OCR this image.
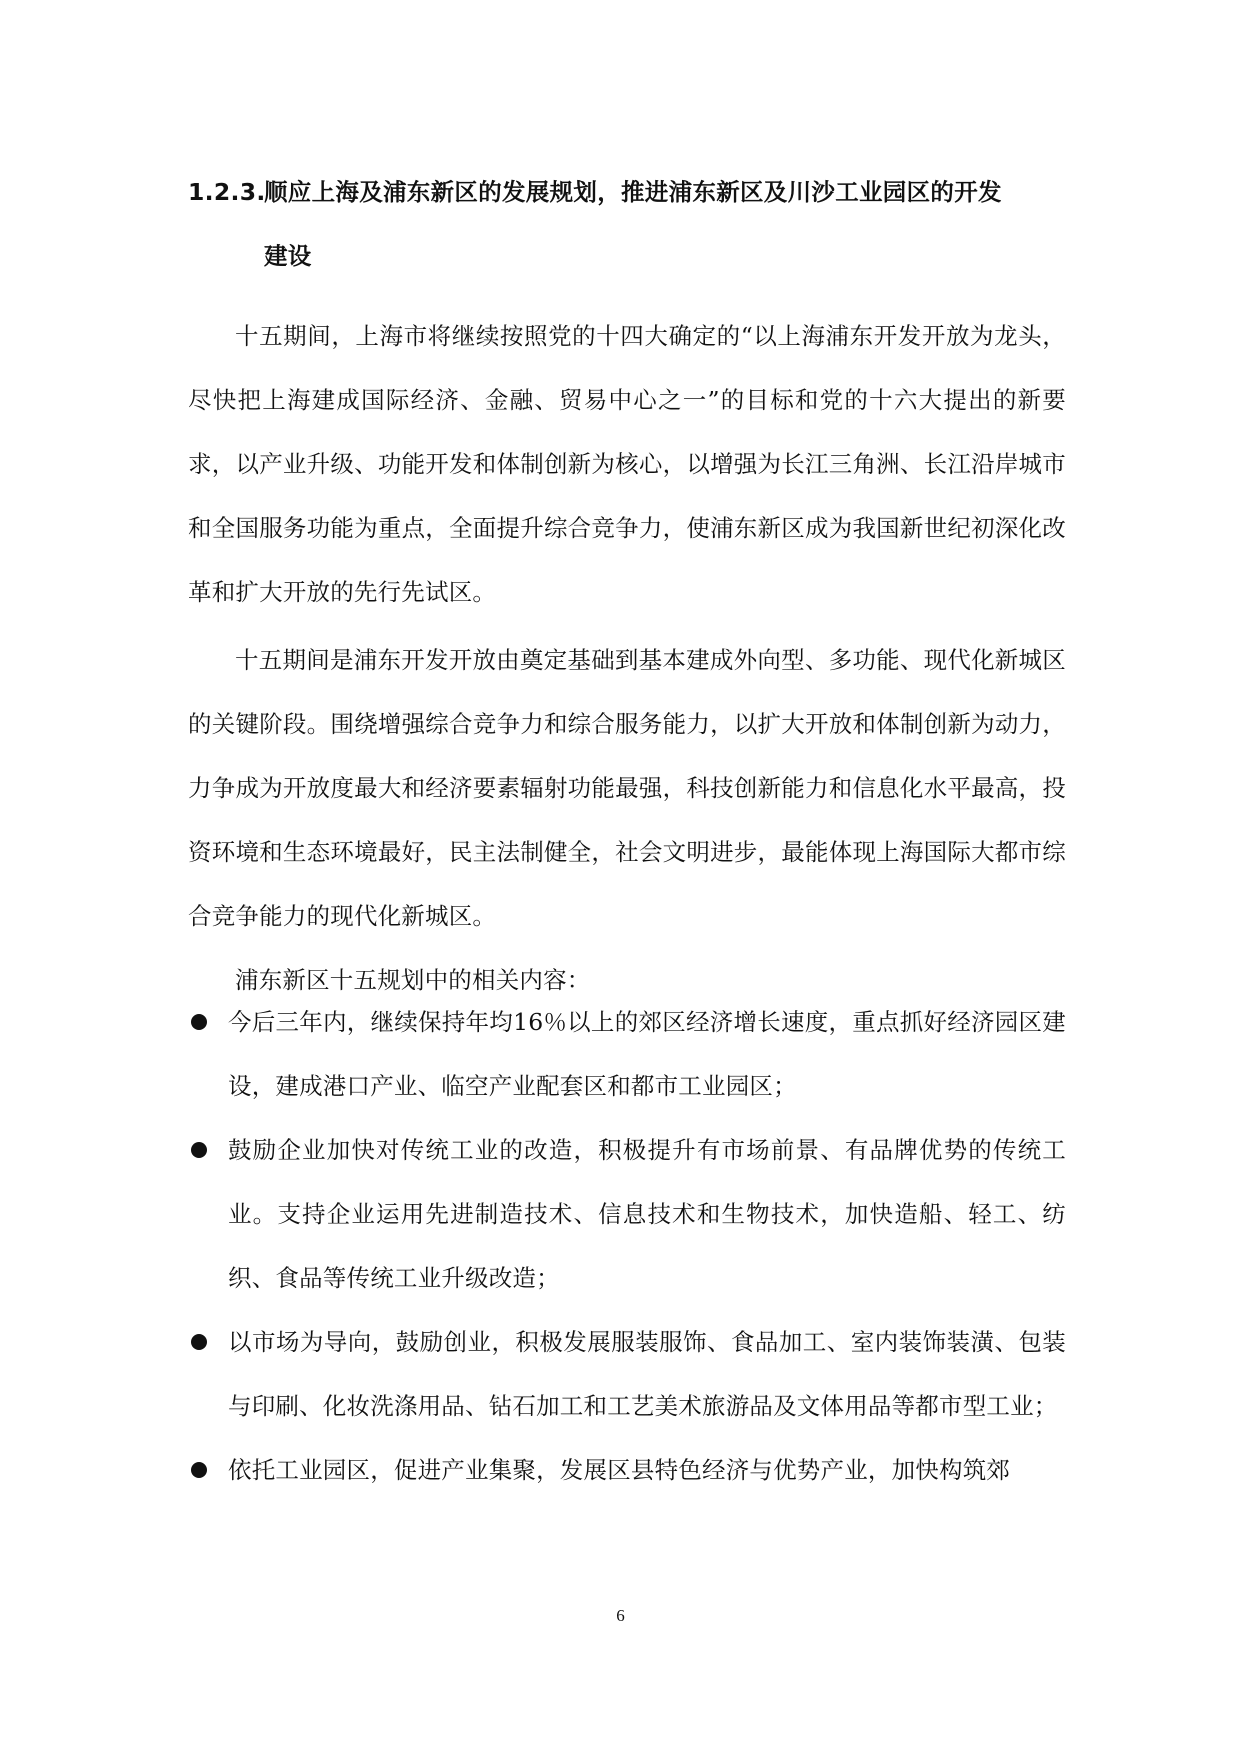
1.2.3.顺应上海及浦东新区的发展规划，推进浦东新区及川沙工业园区的开发
建设

十五期间，上海市将继续按照党的十四大确定的“以上海浦东开发开放为龙头，尽快把上海建成国际经济、金融、贸易中心之一”的目标和党的十六大提出的新要求，以产业升级、功能开发和体制创新为核心，以增强为长江三角洲、长江沿岸城市和全国服务功能为重点，全面提升综合竞争力，使浦东新区成为我国新世纪初深化改革和扩大开放的先行先试区。

十五期间是浦东开发开放由奠定基础到基本建成外向型、多功能、现代化新城区的关键阶段。围绕增强综合竞争力和综合服务能力，以扩大开放和体制创新为动力，力争成为开放度最大和经济要素辐射功能最强，科技创新能力和信息化水平最高，投资环境和生态环境最好，民主法制健全，社会文明进步，最能体现上海国际大都市综合竞争能力的现代化新城区。

浦东新区十五规划中的相关内容：

今后三年内，继续保持年均16％以上的郊区经济增长速度，重点抓好经济园区建设，建成港口产业、临空产业配套区和都市工业园区；
鼓励企业加快对传统工业的改造，积极提升有市场前景、有品牌优势的传统工业。支持企业运用先进制造技术、信息技术和生物技术，加快造船、轻工、纺织、食品等传统工业升级改造；
以市场为导向，鼓励创业，积极发展服装服饰、食品加工、室内装饰装潢、包装与印刷、化妆洗涤用品、钻石加工和工艺美术旅游品及文体用品等都市型工业；
依托工业园区，促进产业集聚，发展区县特色经济与优势产业，加快构筑郊
6
